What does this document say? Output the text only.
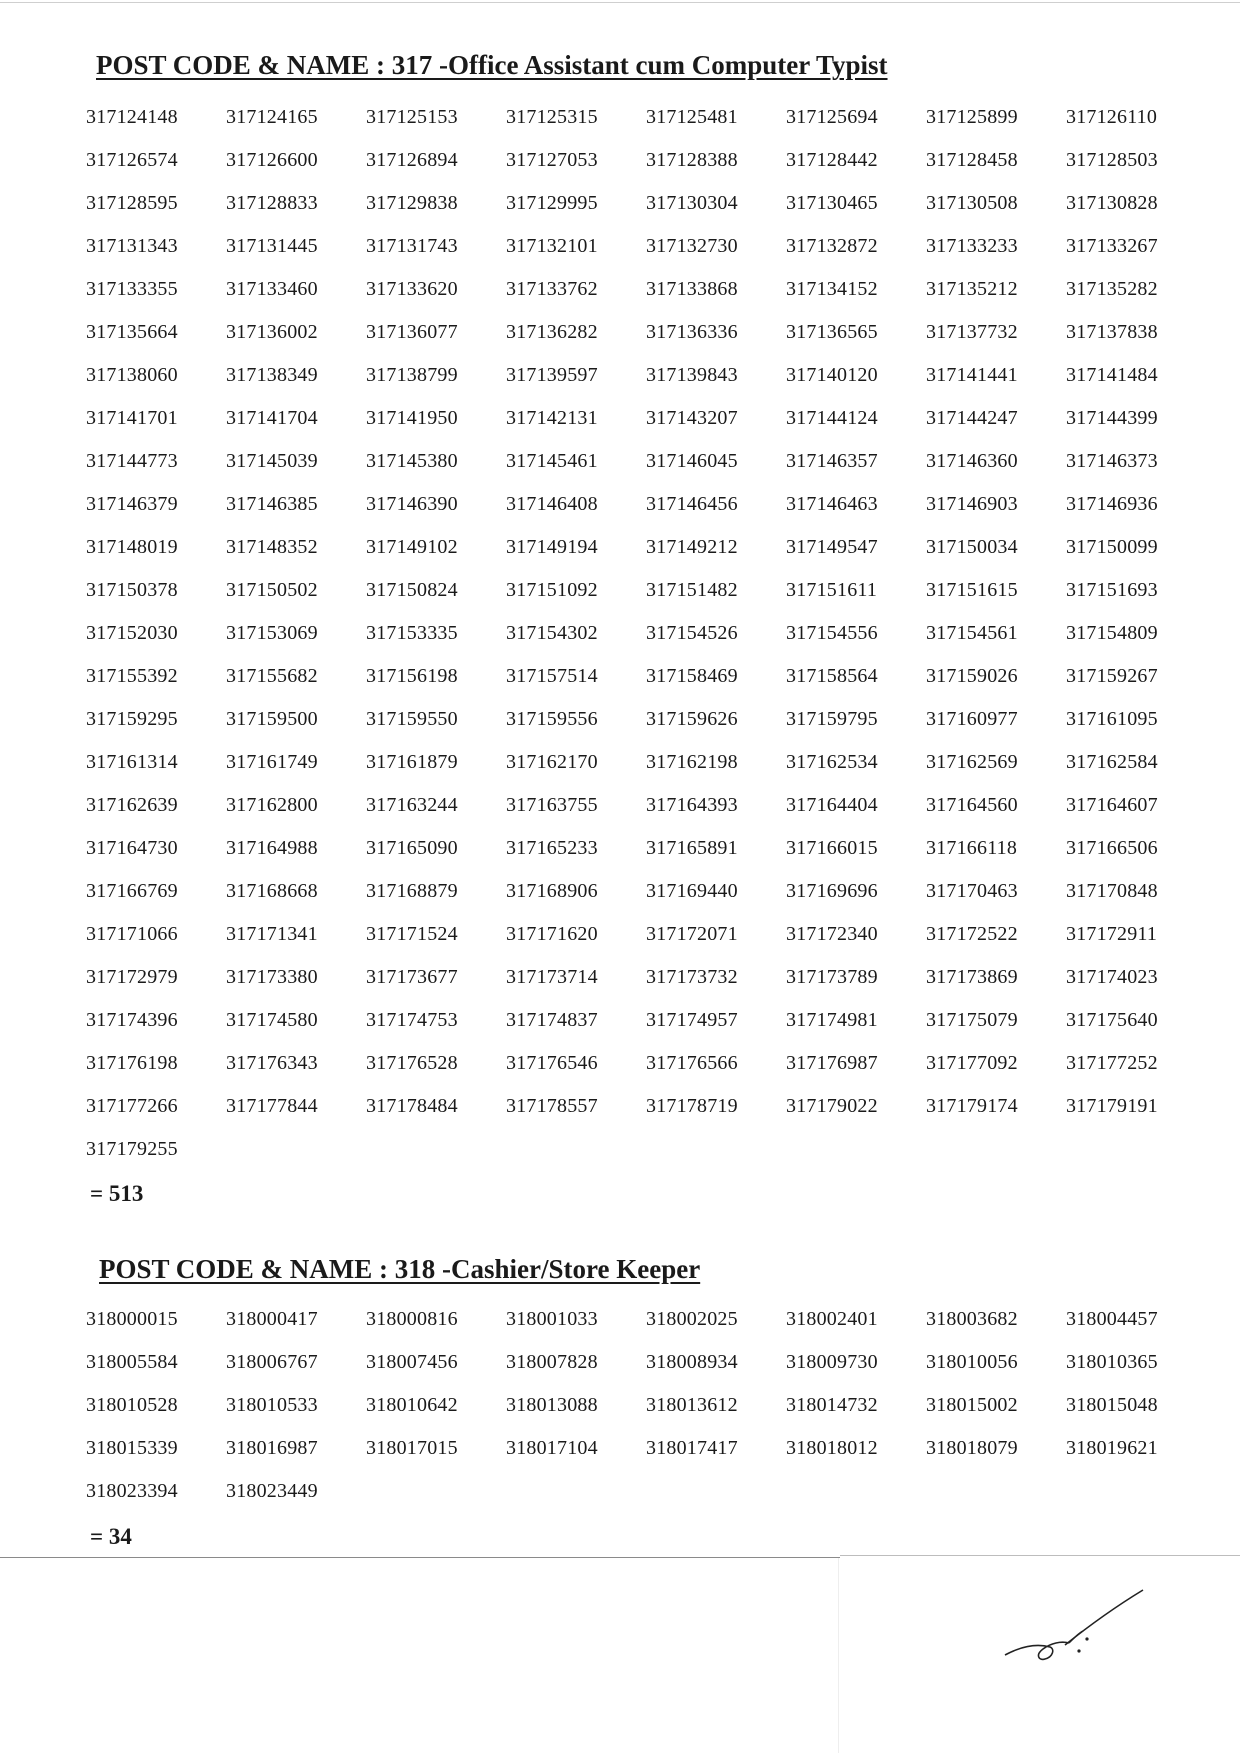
POST CODE & NAME : 317 -Office Assistant cum Computer Typist
317124148	317124165	317125153	317125315	317125481	317125694	317125899	317126110
317126574	317126600	317126894	317127053	317128388	317128442	317128458	317128503
317128595	317128833	317129838	317129995	317130304	317130465	317130508	317130828
317131343	317131445	317131743	317132101	317132730	317132872	317133233	317133267
317133355	317133460	317133620	317133762	317133868	317134152	317135212	317135282
317135664	317136002	317136077	317136282	317136336	317136565	317137732	317137838
317138060	317138349	317138799	317139597	317139843	317140120	317141441	317141484
317141701	317141704	317141950	317142131	317143207	317144124	317144247	317144399
317144773	317145039	317145380	317145461	317146045	317146357	317146360	317146373
317146379	317146385	317146390	317146408	317146456	317146463	317146903	317146936
317148019	317148352	317149102	317149194	317149212	317149547	317150034	317150099
317150378	317150502	317150824	317151092	317151482	317151611	317151615	317151693
317152030	317153069	317153335	317154302	317154526	317154556	317154561	317154809
317155392	317155682	317156198	317157514	317158469	317158564	317159026	317159267
317159295	317159500	317159550	317159556	317159626	317159795	317160977	317161095
317161314	317161749	317161879	317162170	317162198	317162534	317162569	317162584
317162639	317162800	317163244	317163755	317164393	317164404	317164560	317164607
317164730	317164988	317165090	317165233	317165891	317166015	317166118	317166506
317166769	317168668	317168879	317168906	317169440	317169696	317170463	317170848
317171066	317171341	317171524	317171620	317172071	317172340	317172522	317172911
317172979	317173380	317173677	317173714	317173732	317173789	317173869	317174023
317174396	317174580	317174753	317174837	317174957	317174981	317175079	317175640
317176198	317176343	317176528	317176546	317176566	317176987	317177092	317177252
317177266	317177844	317178484	317178557	317178719	317179022	317179174	317179191
317179255
= 513
POST CODE & NAME : 318 -Cashier/Store Keeper
318000015	318000417	318000816	318001033	318002025	318002401	318003682	318004457
318005584	318006767	318007456	318007828	318008934	318009730	318010056	318010365
318010528	318010533	318010642	318013088	318013612	318014732	318015002	318015048
318015339	318016987	318017015	318017104	318017417	318018012	318018079	318019621
318023394	318023449
= 34
